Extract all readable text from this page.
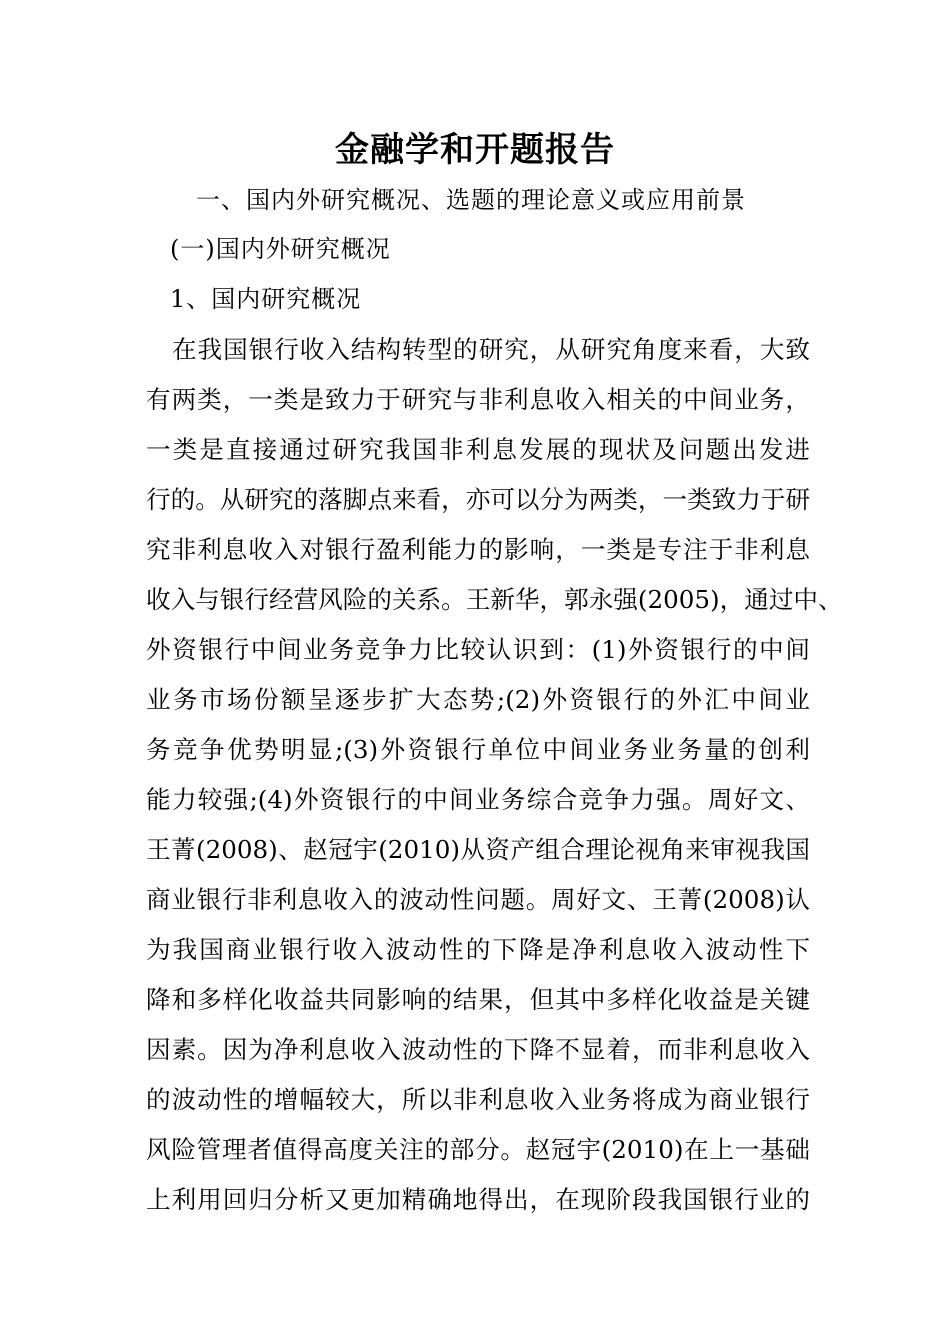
金融学和开题报告

一、国内外研究概况、选题的理论意义或应用前景

(一)国内外研究概况

1、国内研究概况

在我国银行收入结构转型的研究，从研究角度来看，大致
有两类，一类是致力于研究与非利息收入相关的中间业务，
一类是直接通过研究我国非利息发展的现状及问题出发进
行的。从研究的落脚点来看，亦可以分为两类，一类致力于研
究非利息收入对银行盈利能力的影响，一类是专注于非利息
收入与银行经营风险的关系。王新华，郭永强(2005)，通过中、
外资银行中间业务竞争力比较认识到：(1)外资银行的中间
业务市场份额呈逐步扩大态势;(2)外资银行的外汇中间业
务竞争优势明显;(3)外资银行单位中间业务业务量的创利
能力较强;(4)外资银行的中间业务综合竞争力强。周好文、
王菁(2008)、赵冠宇(2010)从资产组合理论视角来审视我国
商业银行非利息收入的波动性问题。周好文、王菁(2008)认
为我国商业银行收入波动性的下降是净利息收入波动性下
降和多样化收益共同影响的结果，但其中多样化收益是关键
因素。因为净利息收入波动性的下降不显着，而非利息收入
的波动性的增幅较大，所以非利息收入业务将成为商业银行
风险管理者值得高度关注的部分。赵冠宇(2010)在上一基础
上利用回归分析又更加精确地得出，在现阶段我国银行业的
